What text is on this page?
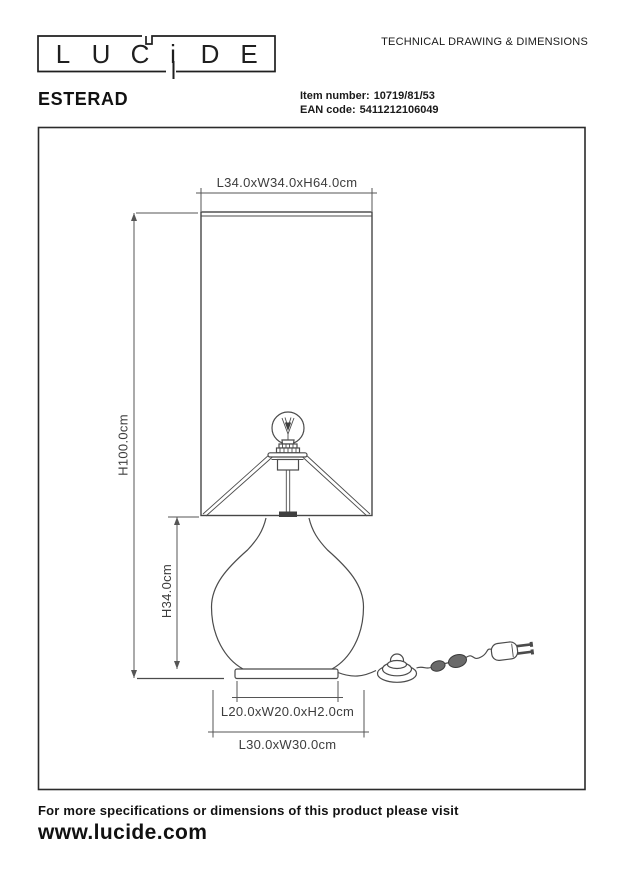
L U C i D E
ESTERAD
TECHNICAL DRAWING & DIMENSIONS
Item number: 10719/81/53
EAN code: 5411212106049
L34.0xW34.0xH64.0cm
H100.0cm
H34.0cm
L20.0xW20.0xH2.0cm
L30.0xW30.0cm
For more specifications or dimensions of this product please visit
www.lucide.com
